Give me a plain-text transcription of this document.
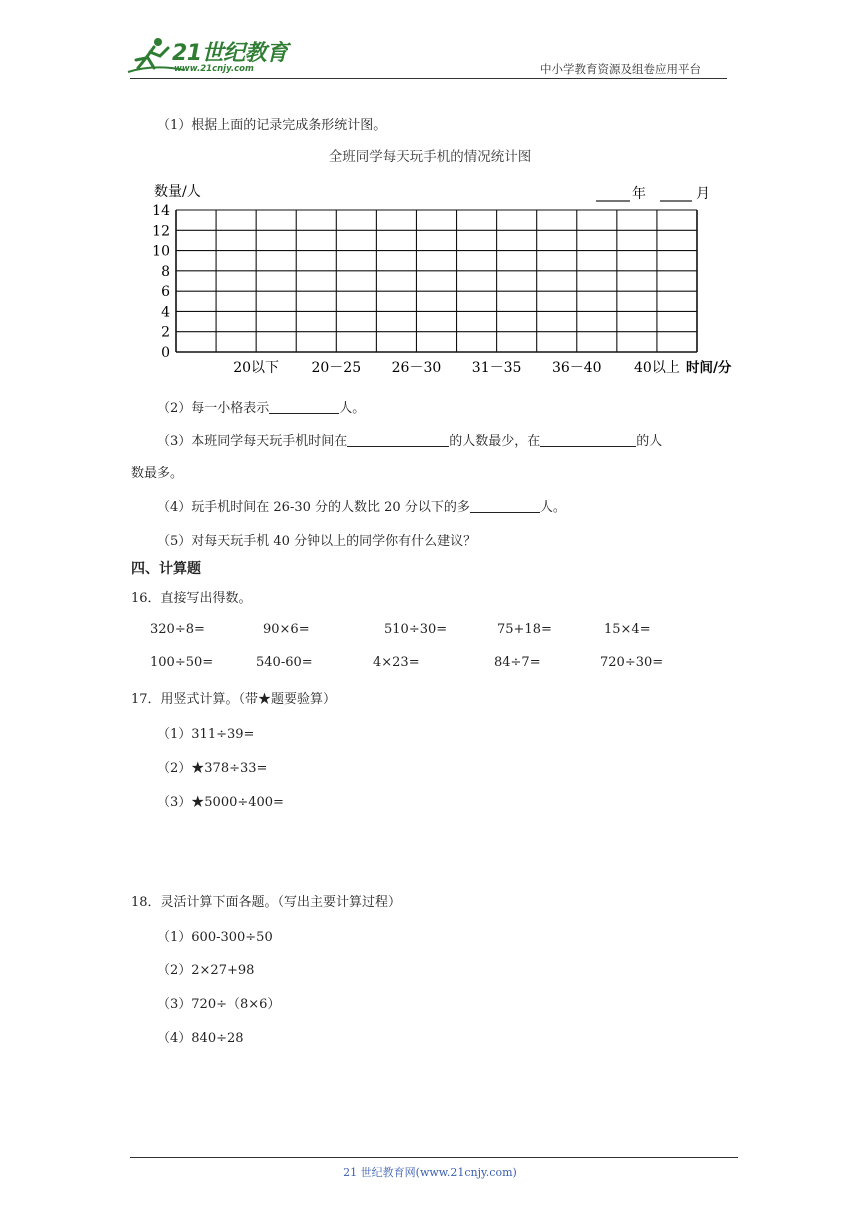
21世纪教育
www.21cnjy.com	中小学教育资源及组卷应用平台
（1）根据上面的记录完成条形统计图。
全班同学每天玩手机的情况统计图
0
2
4
6
8
10
12
14
20以下 20－25 26－30 31－35 36－40 40以上
数量/人
时间/分
年	月
（2）每一小格表示	人。
（3）本班同学每天玩手机时间在	的人数最少，在	的人
数最多。
（4）玩手机时间在 26-30 分的人数比 20 分以下的多	人。
（5）对每天玩手机 40 分钟以上的同学你有什么建议？
四、计算题
16．直接写出得数。
320÷8=	90×6=	510÷30=	75+18=	15×4=
100÷50=	540-60=	4×23=	84÷7=	720÷30=
17．用竖式计算。（带★题要验算）
（1）311÷39=
（2）★378÷33=
（3）★5000÷400=
18．灵活计算下面各题。（写出主要计算过程）
（1）600-300÷50
（2）2×27+98
（3）720÷（8×6）
（4）840÷28
21 世纪教育网(www.21cnjy.com)
